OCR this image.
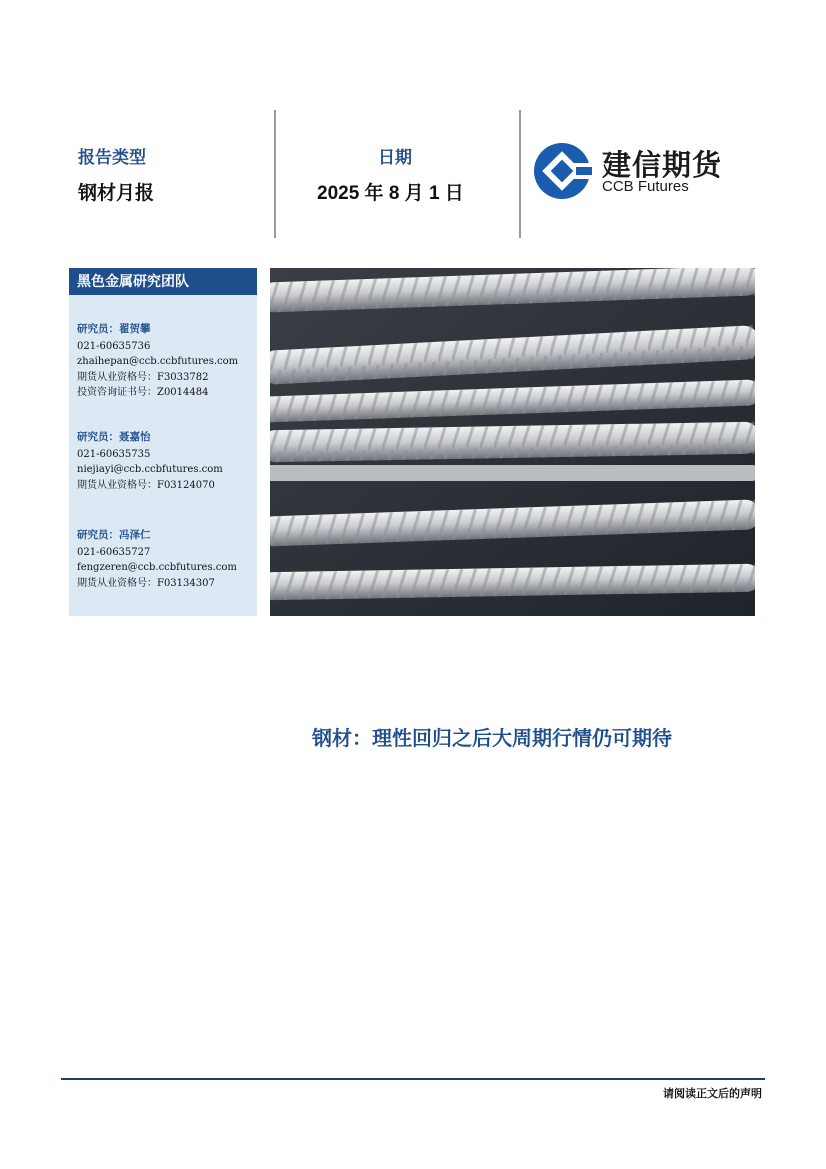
报告类型
钢材月报
日期
2025 年 8 月 1 日
建信期货
CCB Futures
黑色金属研究团队
研究员：翟贺攀
021-60635736
zhaihepan@ccb.ccbfutures.com
期货从业资格号：F3033782
投资咨询证书号：Z0014484
研究员：聂嘉怡
021-60635735
niejiayi@ccb.ccbfutures.com
期货从业资格号：F03124070
研究员：冯泽仁
021-60635727
fengzeren@ccb.ccbfutures.com
期货从业资格号：F03134307
钢材：理性回归之后大周期行情仍可期待
请阅读正文后的声明
